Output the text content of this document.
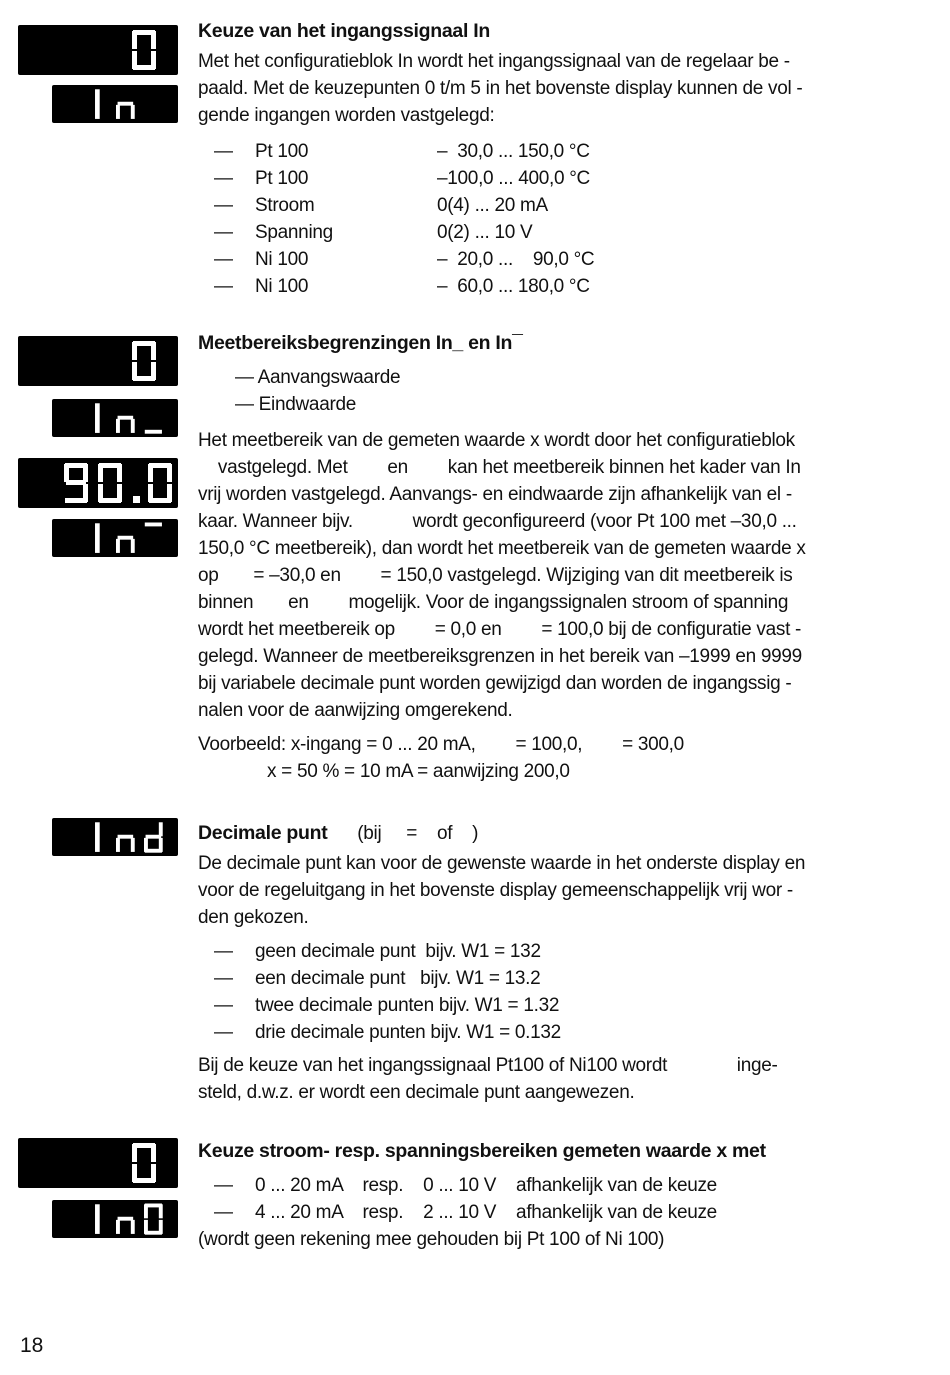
Keuze van het ingangssignaal In
Met het configuratieblok In wordt het ingangssignaal van de regelaar be -
paald. Met de keuzepunten 0 t/m 5 in het bovenste display kunnen de vol -
gende ingangen worden vastgelegd:
— Pt 100	–  30,0 ... 150,0 °C
— Pt 100	–100,0 ... 400,0 °C
— Stroom	0(4) ... 20 mA
— Spanning	0(2) ... 10 V
— Ni 100	–  20,0 ...    90,0 °C
— Ni 100	–  60,0 ... 180,0 °C
Meetbereiksbegrenzingen In_ en In¯
— Aanvangswaarde
— Eindwaarde
Het meetbereik van de gemeten waarde x wordt door het configuratieblok
vastgelegd. Met        en        kan het meetbereik binnen het kader van In
vrij worden vastgelegd. Aanvangs- en eindwaarde zijn afhankelijk van el -
kaar. Wanneer bijv.            wordt geconfigureerd (voor Pt 100 met –30,0 ...
150,0 °C meetbereik), dan wordt het meetbereik van de gemeten waarde x
op       = –30,0 en        = 150,0 vastgelegd. Wijziging van dit meetbereik is
binnen       en        mogelijk. Voor de ingangssignalen stroom of spanning
wordt het meetbereik op        = 0,0 en        = 100,0 bij de configuratie vast -
gelegd. Wanneer de meetbereiksgrenzen in het bereik van –1999 en 9999
bij variabele decimale punt worden gewijzigd dan worden de ingangssig -
nalen voor de aanwijzing omgerekend.
Voorbeeld: x-ingang = 0 ... 20 mA,        = 100,0,        = 300,0
x = 50 % = 10 mA = aanwijzing 200,0
Decimale punt      (bij     =    of    )
De decimale punt kan voor de gewenste waarde in het onderste display en
voor de regeluitgang in het bovenste display gemeenschappelijk vrij wor -
den gekozen.
— geen decimale punt  bijv. W1 = 132
— een decimale punt   bijv. W1 = 13.2
— twee decimale punten bijv. W1 = 1.32
— drie decimale punten bijv. W1 = 0.132
Bij de keuze van het ingangssignaal Pt100 of Ni100 wordt              inge-
steld, d.w.z. er wordt een decimale punt aangewezen.
Keuze stroom- resp. spanningsbereiken gemeten waarde x met
— 0 ... 20 mA    resp.    0 ... 10 V    afhankelijk van de keuze
— 4 ... 20 mA    resp.    2 ... 10 V    afhankelijk van de keuze
(wordt geen rekening mee gehouden bij Pt 100 of Ni 100)
18
